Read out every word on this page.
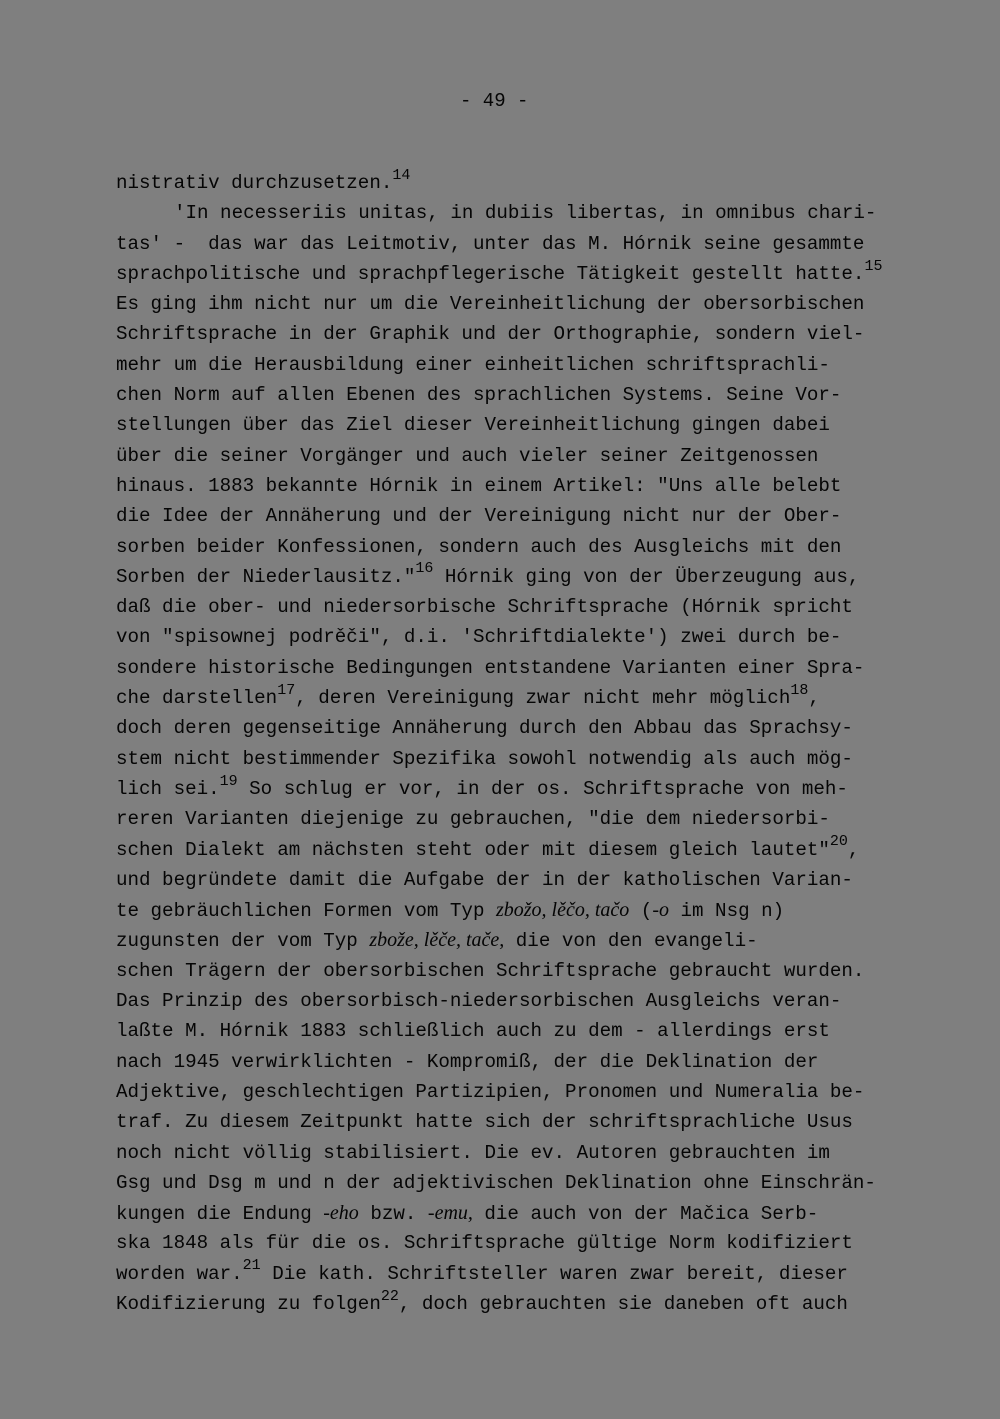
- 49 -
nistrativ durchzusetzen.$^{14}$
'In necesseriis unitas, in dubiis libertas, in omnibus chari-
tas' -  das war das Leitmotiv, unter das M. Hórnik seine gesammte
sprachpolitische und sprachpflegerische Tätigkeit gestellt hatte.$^{15}$
Es ging ihm nicht nur um die Vereinheitlichung der obersorbischen
Schriftsprache in der Graphik und der Orthographie, sondern viel-
mehr um die Herausbildung einer einheitlichen schriftsprachli-
chen Norm auf allen Ebenen des sprachlichen Systems. Seine Vor-
stellungen über das Ziel dieser Vereinheitlichung gingen dabei
über die seiner Vorgänger und auch vieler seiner Zeitgenossen
hinaus. 1883 bekannte Hórnik in einem Artikel: "Uns alle belebt
die Idee der Annäherung und der Vereinigung nicht nur der Ober-
sorben beider Konfessionen, sondern auch des Ausgleichs mit den
Sorben der Niederlausitz."$^{16}$ Hórnik ging von der Überzeugung aus,
daß die ober- und niedersorbische Schriftsprache (Hórnik spricht
von "spisownej podrěči", d.i. 'Schriftdialekte') zwei durch be-
sondere historische Bedingungen entstandene Varianten einer Spra-
che darstellen$^{17}$, deren Vereinigung zwar nicht mehr möglich$^{18}$,
doch deren gegenseitige Annäherung durch den Abbau das Sprachsy-
stem nicht bestimmender Spezifika sowohl notwendig als auch mög-
lich sei.$^{19}$ So schlug er vor, in der os. Schriftsprache von meh-
reren Varianten diejenige zu gebrauchen, "die dem niedersorbi-
schen Dialekt am nächsten steht oder mit diesem gleich lautet"$^{20}$,
und begründete damit die Aufgabe der in der katholischen Varian-
te gebräuchlichen Formen vom Typ zbožo, lěčo, tačo (-o im Nsg n)
zugunsten der vom Typ zbože, lěče, tače, die von den evangeli-
schen Trägern der obersorbischen Schriftsprache gebraucht wurden.
Das Prinzip des obersorbisch-niedersorbischen Ausgleichs veran-
laßte M. Hórnik 1883 schließlich auch zu dem - allerdings erst
nach 1945 verwirklichten - Kompromiß, der die Deklination der
Adjektive, geschlechtigen Partizipien, Pronomen und Numeralia be-
traf. Zu diesem Zeitpunkt hatte sich der schriftsprachliche Usus
noch nicht völlig stabilisiert. Die ev. Autoren gebrauchten im
Gsg und Dsg m und n der adjektivischen Deklination ohne Einschrän-
kungen die Endung -eho bzw. -emu, die auch von der Mačica Serb-
ska 1848 als für die os. Schriftsprache gültige Norm kodifiziert
worden war.$^{21}$ Die kath. Schriftsteller waren zwar bereit, dieser
Kodifizierung zu folgen$^{22}$, doch gebrauchten sie daneben oft auch
